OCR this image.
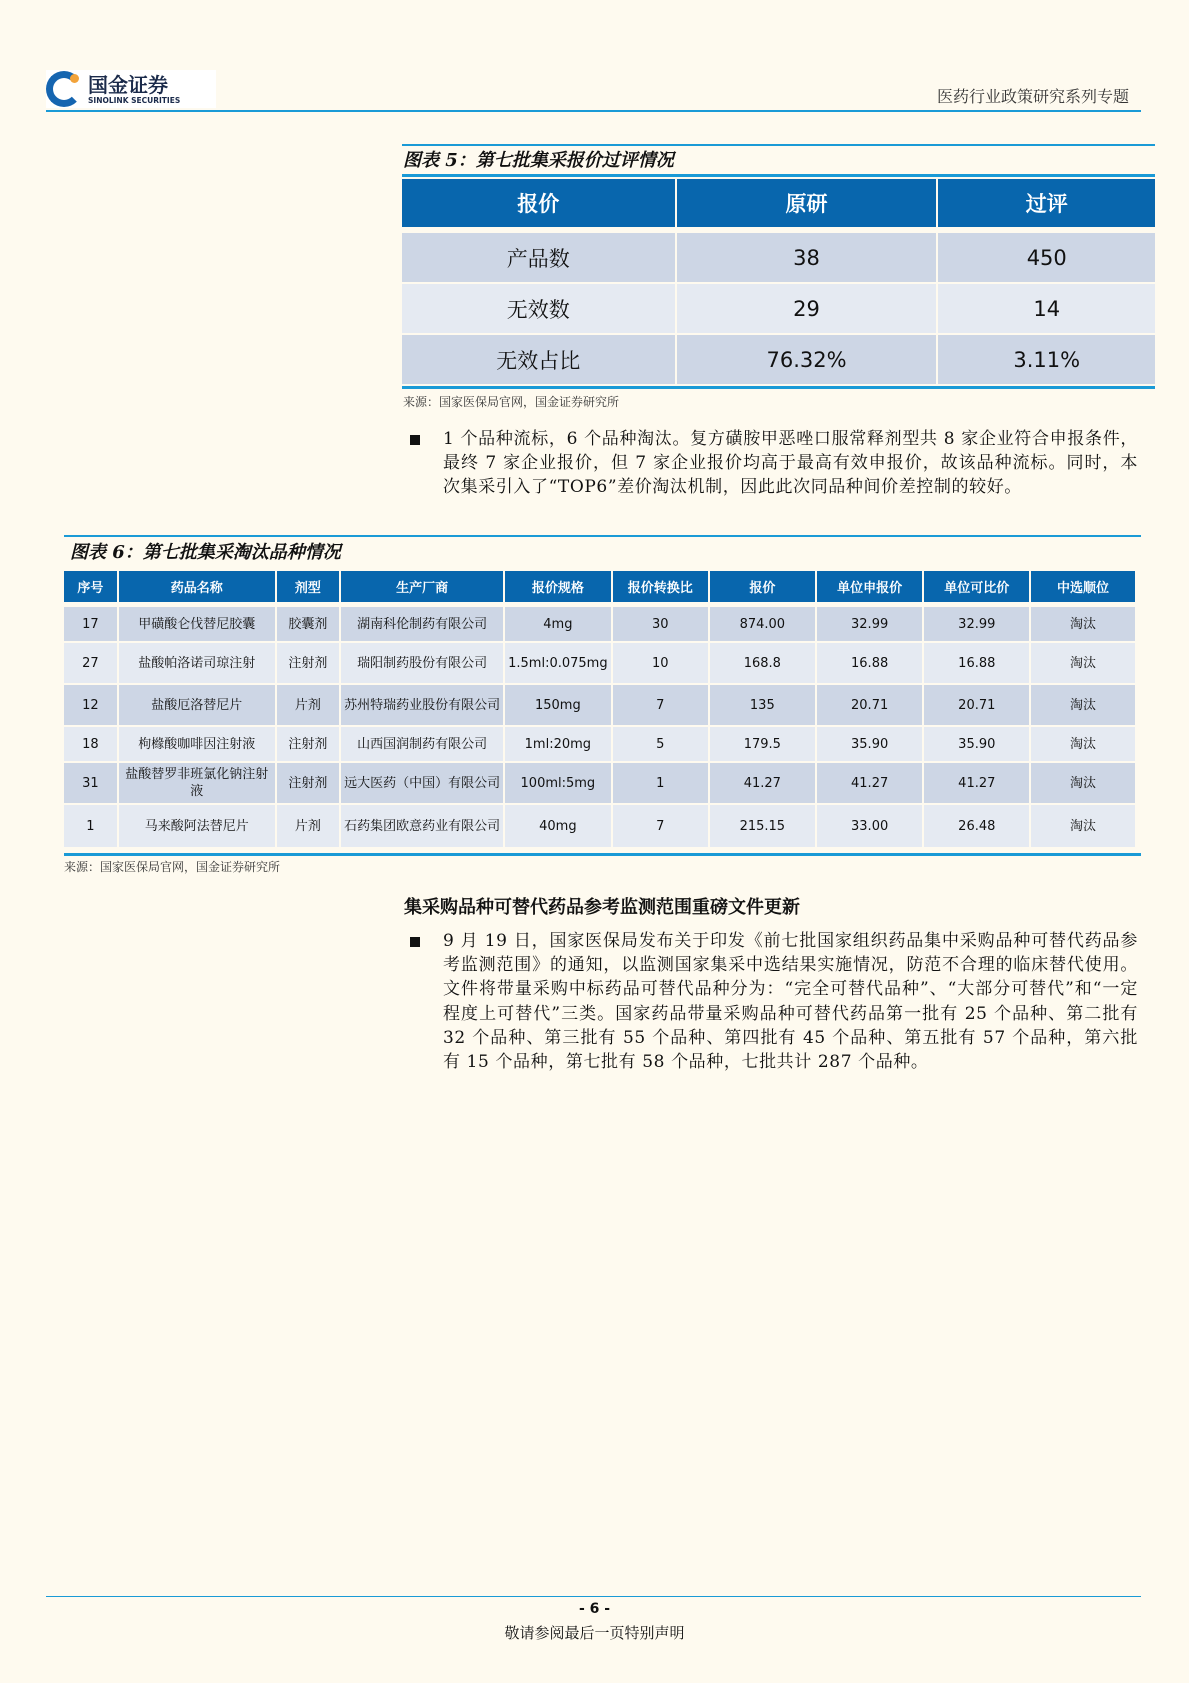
国金证券
SINOLINK SECURITIES	医药行业政策研究系列专题
图表 5：第七批集采报价过评情况
报价	原研	过评

产品数	38	450
无效数	29	14
无效占比	76.32%	3.11%
来源：国家医保局官网，国金证券研究所
1 个品种流标，6 个品种淘汰。复方磺胺甲恶唑口服常释剂型共 8 家企业符合申报条件，最终 7 家企业报价，但 7 家企业报价均高于最高有效申报价，故该品种流标。同时，本次集采引入了“TOP6”差价淘汰机制，因此此次同品种间价差控制的较好。
图表 6：第七批集采淘汰品种情况
序号	药品名称	剂型	生产厂商	报价规格	报价转换比	报价	单位申报价	单位可比价	中选顺位

17	甲磺酸仑伐替尼胶囊	胶囊剂	湖南科伦制药有限公司	4mg	30	874.00	32.99	32.99	淘汰
27	盐酸帕洛诺司琼注射	注射剂	瑞阳制药股份有限公司	1.5ml:0.075mg	10	168.8	16.88	16.88	淘汰
12	盐酸厄洛替尼片	片剂	苏州特瑞药业股份有限公司	150mg	7	135	20.71	20.71	淘汰
18	枸橼酸咖啡因注射液	注射剂	山西国润制药有限公司	1ml:20mg	5	179.5	35.90	35.90	淘汰
31	盐酸替罗非班氯化钠注射液	注射剂	远大医药（中国）有限公司	100ml:5mg	1	41.27	41.27	41.27	淘汰
1	马来酸阿法替尼片	片剂	石药集团欧意药业有限公司	40mg	7	215.15	33.00	26.48	淘汰
来源：国家医保局官网，国金证券研究所
集采购品种可替代药品参考监测范围重磅文件更新
9 月 19 日，国家医保局发布关于印发《前七批国家组织药品集中采购品种可替代药品参考监测范围》的通知，以监测国家集采中选结果实施情况，防范不合理的临床替代使用。文件将带量采购中标药品可替代品种分为：“完全可替代品种”、“大部分可替代”和“一定程度上可替代”三类。国家药品带量采购品种可替代药品第一批有 25 个品种、第二批有 32 个品种、第三批有 55 个品种、第四批有 45 个品种、第五批有 57 个品种，第六批有 15 个品种，第七批有 58 个品种，七批共计 287 个品种。
- 6 -
敬请参阅最后一页特别声明
